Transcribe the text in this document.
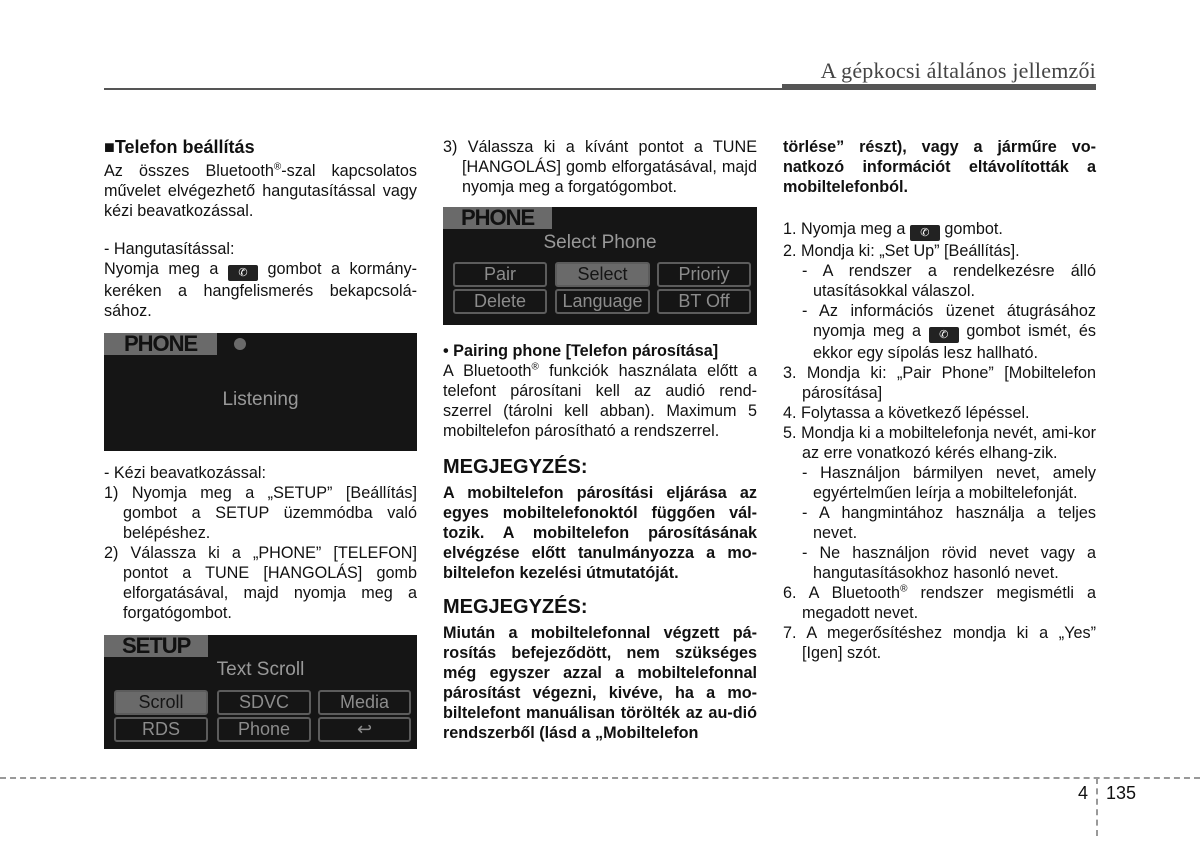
A gépkocsi általános jellemzői

■Telefon beállítás

Az összes Bluetooth®-szal kapcsolatos művelet elvégezhető hangutasítással vagy kézi beavatkozással.

- Hangutasítással:

Nyomja meg a ✆ gombot a kormány-keréken a hangfelismerés bekapcsolá-sához.

PHONE
Listening

- Kézi beavatkozással:

1) Nyomja meg a „SETUP” [Beállítás] gombot a SETUP üzemmódba való belépéshez.

2) Válassza ki a „PHONE” [TELEFON] pontot a TUNE [HANGOLÁS] gomb elforgatásával, majd nyomja meg a forgatógombot.

SETUP
Text Scroll
Scroll	SDVC	Media
RDS	Phone	↩

3) Válassza ki a kívánt pontot a TUNE [HANGOLÁS] gomb elforgatásával, majd nyomja meg a forgatógombot.

PHONE
Select Phone
Pair	Select	Prioriy
Delete	Language	BT Off

• Pairing phone [Telefon párosítása]

A Bluetooth® funkciók használata előtt a telefont párosítani kell az audió rend-szerrel (tárolni kell abban). Maximum 5 mobiltelefon párosítható a rendszerrel.

MEGJEGYZÉS:

A mobiltelefon párosítási eljárása az egyes mobiltelefonoktól függően vál-tozik. A mobiltelefon párosításának elvégzése előtt tanulmányozza a mo-biltelefon kezelési útmutatóját.

MEGJEGYZÉS:

Miután a mobiltelefonnal végzett pá-rosítás befejeződött, nem szükséges még egyszer azzal a mobiltelefonnal párosítást végezni, kivéve, ha a mo-biltelefont manuálisan törölték az au-dió rendszerből (lásd a „Mobiltelefon

törlése” részt), vagy a járműre vo-natkozó információt eltávolították a mobiltelefonból.

1. Nyomja meg a ✆ gombot.

2. Mondja ki: „Set Up” [Beállítás].

- A rendszer a rendelkezésre álló utasításokkal válaszol.

- Az információs üzenet átugrásához nyomja meg a ✆ gombot ismét, és ekkor egy sípolás lesz hallható.

3. Mondja ki: „Pair Phone” [Mobiltelefon párosítása]

4. Folytassa a következő lépéssel.

5. Mondja ki a mobiltelefonja nevét, ami-kor az erre vonatkozó kérés elhang-zik.

- Használjon bármilyen nevet, amely egyértelműen leírja a mobiltelefonját.

- A hangmintához használja a teljes nevet.

- Ne használjon rövid nevet vagy a hangutasításokhoz hasonló nevet.

6. A Bluetooth® rendszer megismétli a megadott nevet.

7. A megerősítéshez mondja ki a „Yes” [Igen] szót.

4 135
